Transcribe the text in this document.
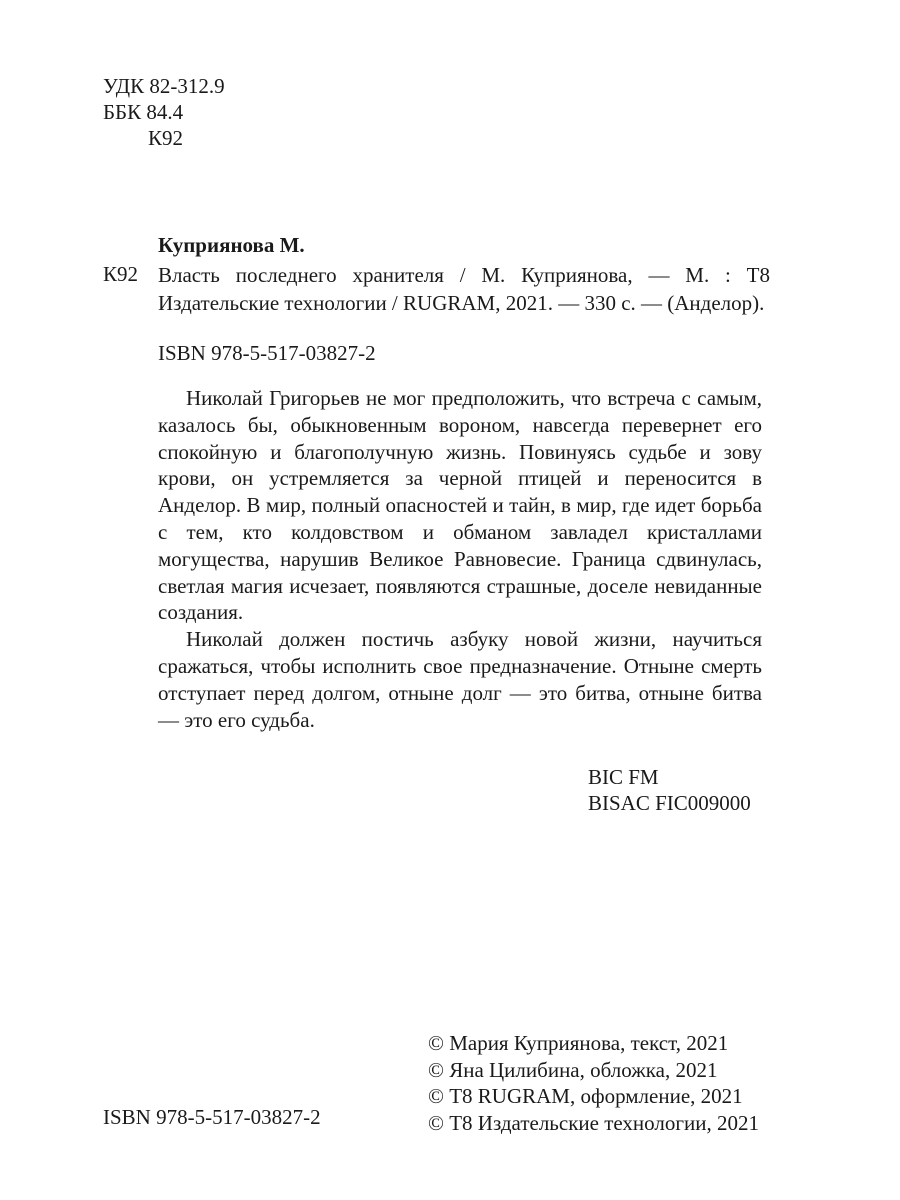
УДК 82-312.9
ББК 84.4
К92
Куприянова М.
К92 Власть последнего хранителя / М. Куприянова, — М. : Т8 Издательские технологии / RUGRAM, 2021. — 330 с. — (Анделор).
ISBN 978-5-517-03827-2

Николай Григорьев не мог предположить, что встреча с самым, казалось бы, обыкновенным вороном, навсегда перевернет его спокойную и благополучную жизнь. Повинуясь судьбе и зову крови, он устремляется за черной птицей и переносится в Анделор. В мир, полный опасностей и тайн, в мир, где идет борьба с тем, кто колдовством и обманом завладел кристаллами могущества, нарушив Великое Равновесие. Граница сдвинулась, светлая магия исчезает, появляются страшные, доселе невиданные создания.

Николай должен постичь азбуку новой жизни, научиться сражаться, чтобы исполнить свое предназначение. Отныне смерть отступает перед долгом, отныне долг — это битва, отныне битва — это его судьба.

BIC FM
BISAC FIC009000
ISBN 978-5-517-03827-2
© Мария Куприянова, текст, 2021
© Яна Цилибина, обложка, 2021
© Т8 RUGRAM, оформление, 2021
© Т8 Издательские технологии, 2021
